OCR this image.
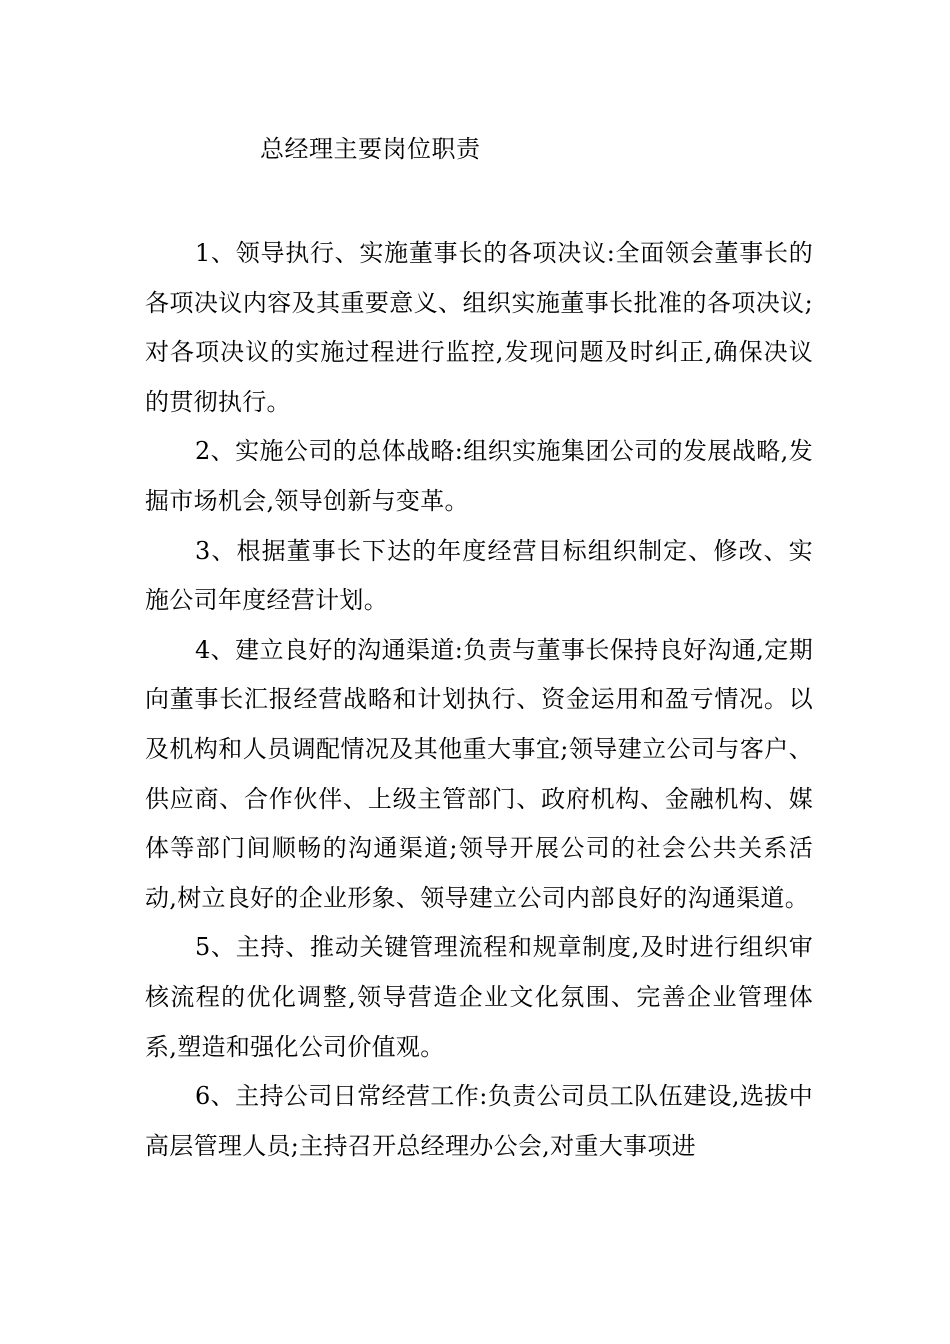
总经理主要岗位职责

1、领导执行、实施董事长的各项决议:全面领会董事长的各项决议内容及其重要意义、组织实施董事长批准的各项决议;对各项决议的实施过程进行监控,发现问题及时纠正,确保决议的贯彻执行。

2、实施公司的总体战略:组织实施集团公司的发展战略,发掘市场机会,领导创新与变革。

3、根据董事长下达的年度经营目标组织制定、修改、实施公司年度经营计划。

4、建立良好的沟通渠道:负责与董事长保持良好沟通,定期向董事长汇报经营战略和计划执行、资金运用和盈亏情况。以及机构和人员调配情况及其他重大事宜;领导建立公司与客户、供应商、合作伙伴、上级主管部门、政府机构、金融机构、媒体等部门间顺畅的沟通渠道;领导开展公司的社会公共关系活动,树立良好的企业形象、领导建立公司内部良好的沟通渠道。

5、主持、推动关键管理流程和规章制度,及时进行组织审核流程的优化调整,领导营造企业文化氛围、完善企业管理体系,塑造和强化公司价值观。

6、主持公司日常经营工作:负责公司员工队伍建设,选拔中高层管理人员;主持召开总经理办公会,对重大事项进
